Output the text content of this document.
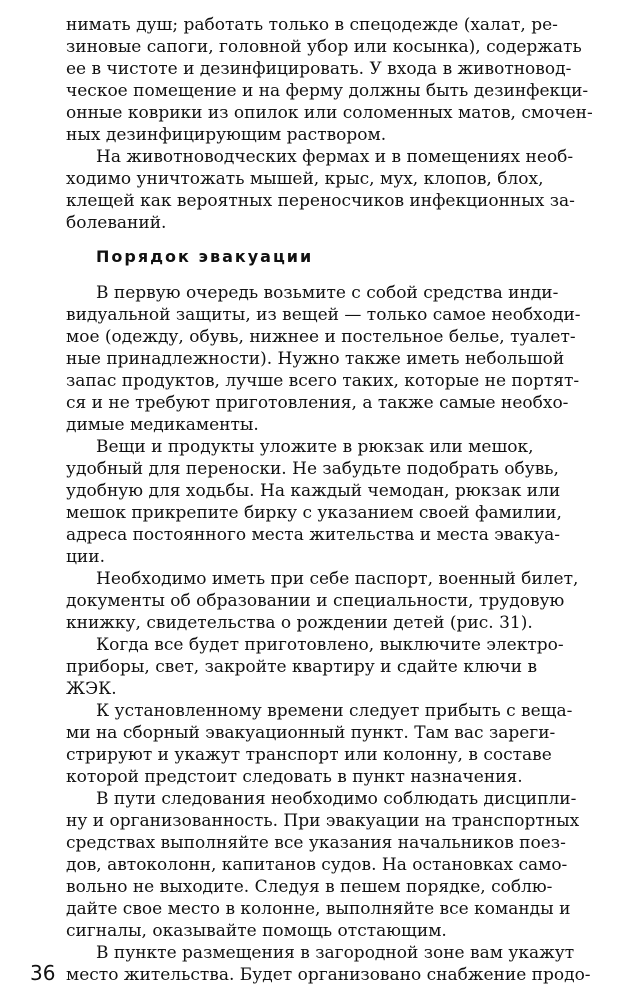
нимать душ; работать только в спецодежде (халат, ре-
зиновые сапоги, головной убор или косынка), содержать
ее в чистоте и дезинфицировать. У входа в животновод-
ческое помещение и на ферму должны быть дезинфекци-
онные коврики из опилок или соломенных матов, смочен-
ных дезинфицирующим раствором.
На животноводческих фермах и в помещениях необ-
ходимо уничтожать мышей, крыс, мух, клопов, блох,
клещей как вероятных переносчиков инфекционных за-
болеваний.
Порядок эвакуации
В первую очередь возьмите с собой средства инди-
видуальной защиты, из вещей — только самое необходи-
мое (одежду, обувь, нижнее и постельное белье, туалет-
ные принадлежности). Нужно также иметь небольшой
запас продуктов, лучше всего таких, которые не портят-
ся и не требуют приготовления, а также самые необхо-
димые медикаменты.
Вещи и продукты уложите в рюкзак или мешок,
удобный для переноски. Не забудьте подобрать обувь,
удобную для ходьбы. На каждый чемодан, рюкзак или
мешок прикрепите бирку с указанием своей фамилии,
адреса постоянного места жительства и места эвакуа-
ции.
Необходимо иметь при себе паспорт, военный билет,
документы об образовании и специальности, трудовую
книжку, свидетельства о рождении детей (рис. 31).
Когда все будет приготовлено, выключите электро-
приборы, свет, закройте квартиру и сдайте ключи в
ЖЭК.
К установленному времени следует прибыть с веща-
ми на сборный эвакуационный пункт. Там вас зареги-
стрируют и укажут транспорт или колонну, в составе
которой предстоит следовать в пункт назначения.
В пути следования необходимо соблюдать дисципли-
ну и организованность. При эвакуации на транспортных
средствах выполняйте все указания начальников поез-
дов, автоколонн, капитанов судов. На остановках само-
вольно не выходите. Следуя в пешем порядке, соблю-
дайте свое место в колонне, выполняйте все команды и
сигналы, оказывайте помощь отстающим.
В пункте размещения в загородной зоне вам укажут
место жительства. Будет организовано снабжение продо-
36
